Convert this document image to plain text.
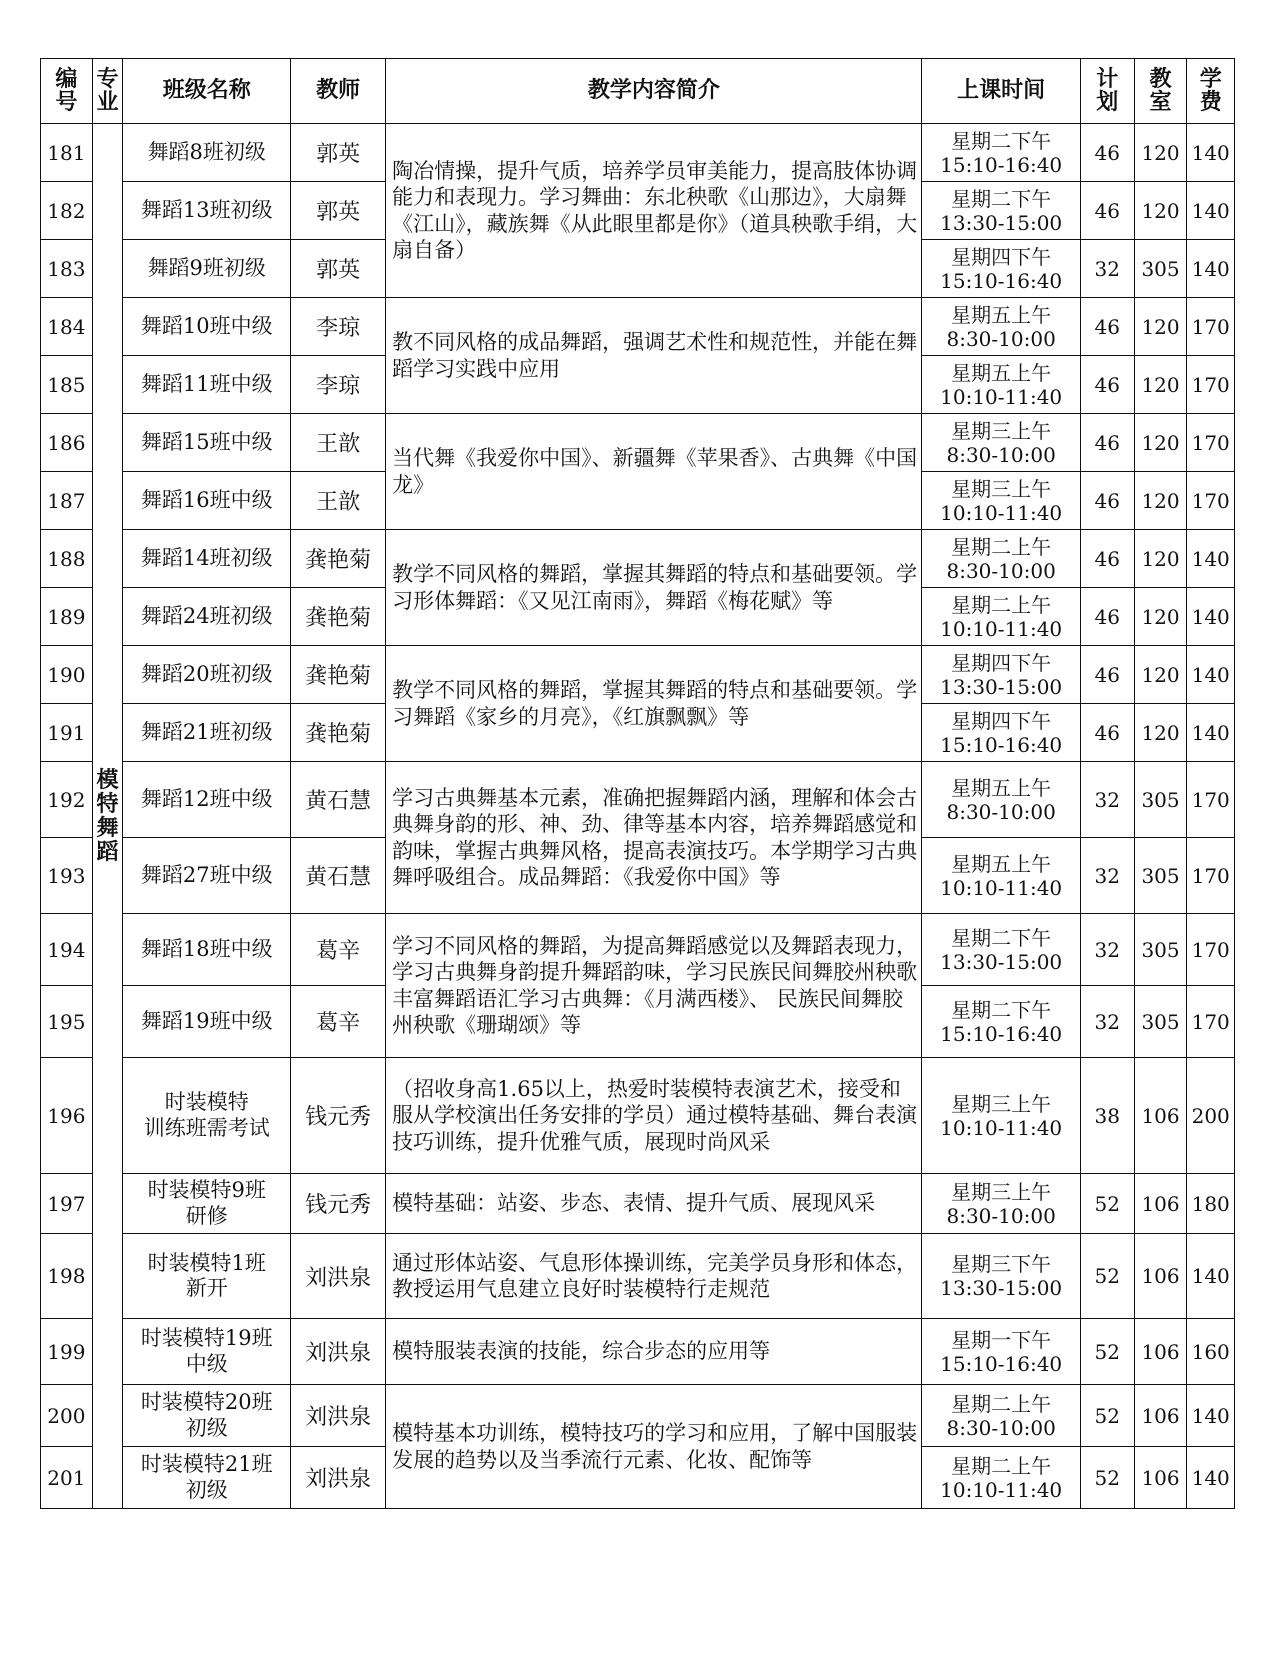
编号	专业	班级名称	教师	教学内容简介	上课时间	计划	教室	学费
181	模特舞蹈	舞蹈8班初级	郭英	陶冶情操，提升气质，培养学员审美能力，提高肢体协调能力和表现力。学习舞曲：东北秧歌《山那边》，大扇舞《江山》，藏族舞《从此眼里都是你》（道具秧歌手绢，大扇自备）	星期二下午
15:10-16:40	46	120	140
182		舞蹈13班初级	郭英		星期二下午
13:30-15:00	46	120	140
183		舞蹈9班初级	郭英		星期四下午
15:10-16:40	32	305	140
184		舞蹈10班中级	李琼	教不同风格的成品舞蹈，强调艺术性和规范性，并能在舞蹈学习实践中应用	星期五上午
8:30-10:00	46	120	170
185		舞蹈11班中级	李琼		星期五上午
10:10-11:40	46	120	170
186		舞蹈15班中级	王歆	当代舞《我爱你中国》、新疆舞《苹果香》、古典舞《中国龙》	星期三上午
8:30-10:00	46	120	170
187		舞蹈16班中级	王歆		星期三上午
10:10-11:40	46	120	170
188		舞蹈14班初级	龚艳菊	教学不同风格的舞蹈，掌握其舞蹈的特点和基础要领。学习形体舞蹈：《又见江南雨》，舞蹈《梅花赋》等	星期二上午
8:30-10:00	46	120	140
189		舞蹈24班初级	龚艳菊		星期二上午
10:10-11:40	46	120	140
190		舞蹈20班初级	龚艳菊	教学不同风格的舞蹈，掌握其舞蹈的特点和基础要领。学习舞蹈《家乡的月亮》，《红旗飘飘》等	星期四下午
13:30-15:00	46	120	140
191		舞蹈21班初级	龚艳菊		星期四下午
15:10-16:40	46	120	140
192		舞蹈12班中级	黄石慧	学习古典舞基本元素，准确把握舞蹈内涵，理解和体会古典舞身韵的形、神、劲、律等基本内容，培养舞蹈感觉和韵味，掌握古典舞风格，提高表演技巧。本学期学习古典舞呼吸组合。成品舞蹈：《我爱你中国》等	星期五上午
8:30-10:00	32	305	170
193		舞蹈27班中级	黄石慧		星期五上午
10:10-11:40	32	305	170
194		舞蹈18班中级	葛辛	学习不同风格的舞蹈，为提高舞蹈感觉以及舞蹈表现力，学习古典舞身韵提升舞蹈韵味，学习民族民间舞胶州秧歌丰富舞蹈语汇学习古典舞：《月满西楼》、 民族民间舞胶州秧歌《珊瑚颂》等	星期二下午
13:30-15:00	32	305	170
195		舞蹈19班中级	葛辛		星期二下午
15:10-16:40	32	305	170
196		时装模特
训练班需考试	钱元秀	（招收身高1.65以上，热爱时装模特表演艺术，接受和服从学校演出任务安排的学员）通过模特基础、舞台表演技巧训练，提升优雅气质，展现时尚风采	星期三上午
10:10-11:40	38	106	200
197		时装模特9班
研修	钱元秀	模特基础：站姿、步态、表情、提升气质、展现风采	星期三上午
8:30-10:00	52	106	180
198		时装模特1班
新开	刘洪泉	通过形体站姿、气息形体操训练，完美学员身形和体态，教授运用气息建立良好时装模特行走规范	星期三下午
13:30-15:00	52	106	140
199		时装模特19班
中级	刘洪泉	模特服装表演的技能，综合步态的应用等	星期一下午
15:10-16:40	52	106	160
200		时装模特20班
初级	刘洪泉	模特基本功训练，模特技巧的学习和应用，了解中国服装发展的趋势以及当季流行元素、化妆、配饰等	星期二上午
8:30-10:00	52	106	140
201		时装模特21班
初级	刘洪泉		星期二上午
10:10-11:40	52	106	140
